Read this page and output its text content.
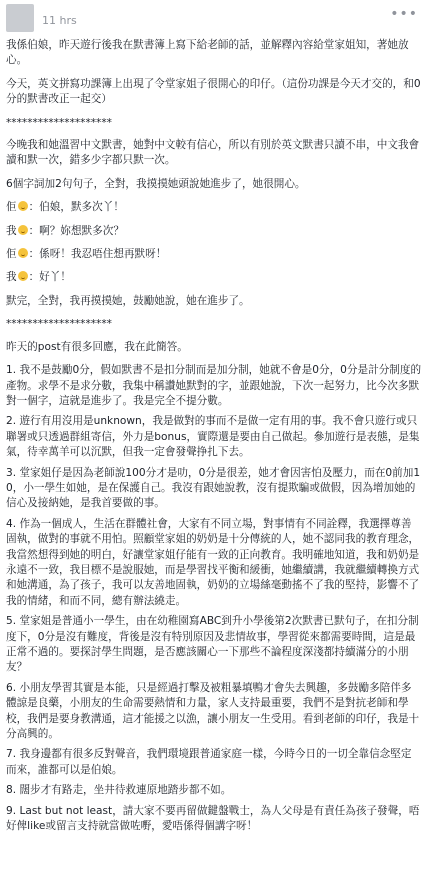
11 hrs	•••

我係伯娘，昨天遊行後我在默書簿上寫下給老師的話，並解釋內容給堂家姐知，著她放心。

今天，英文拼寫功課簿上出現了令堂家姐子很開心的印仔。（這份功課是今天才交的，和0分的默書改正一起交）

********************

今晚我和她溫習中文默書，她對中文較有信心，所以有別於英文默書只讀不串，中文我會讀和默一次，錯多少字都只默一次。

6個字詞加2句句子，全對，我摸摸她頭說她進步了，她很開心。

佢 ：伯娘，默多次丫！

我 ：啊？妳想默多次？

佢 ：係呀！我忍唔住想再默呀！

我 ：好丫！

默完，全對，我再摸摸她，鼓勵她說，她在進步了。

********************

昨天的post有很多回應，我在此簡答。

1. 我不是鼓勵0分，假如默書不是扣分制而是加分制，她就不會是0分，0分是計分制度的產物。求學不是求分數，我集中稱讚她默對的字，並跟她說，下次一起努力，比今次多默對一個字，這就是進步了。我是完全不提分數。

2. 遊行有用沒用是unknown，我是做對的事而不是做一定有用的事。我不會只遊行或只聯署或只透過群組寄信，外力是bonus，實際還是要由自己做起。參加遊行是表態，是集氣，待幸萬羊可以沉默，但我一定會發聲挣扎下去。

3. 堂家姐仔是因為老師說100分才是叻，0分是很差，她才會因害怕及壓力，而在0前加10，小一學生如她，是在保護自己。我沒有跟她說教，沒有提欺騙或做假，因為增加她的信心及接納她，是我首要做的事。

4. 作為一個成人，生活在群體社會，大家有不同立場，對事情有不同詮釋，我選擇尊善固執，做對的事就不用怕。照顧堂家姐的奶奶是十分傳統的人，她不認同我的教育理念，我當然想得到她的明白，好讓堂家姐仔能有一致的正向教育。我明確地知道，我和奶奶是永遠不一致，我目標不是說服她，而是學習找平衡和緩衝，她繼續講，我就繼續轉換方式和她溝通，為了孩子，我可以友善地固執，奶奶的立場絲毫動搖不了我的堅持，影響不了我的情緒，和而不同，總有辦法繞走。

5. 堂家姐是普通小一學生，由在幼稚園寫ABC到升小學後第2次默書已默句子，在扣分制度下，0分是沒有難度，背後是沒有特別原因及悲情故事，學習從來都需要時間，這是最正常不過的。要探討學生問題，是否應該關心一下那些不論程度深淺都持續滿分的小朋友？

6. 小朋友學習其實是本能，只是經過打擊及被粗暴填鴨才會失去興趣，多鼓勵多陪伴多體諒是良藥，小朋友的生命需要熱情和力量，家人支持最重要，我們不是對抗老師和學校，我們是要身教溝通，這才能援之以漁，讓小朋友一生受用。看到老師的印仔，我是十分高興的。

7. 我身邊都有很多反對聲音，我們環境跟普通家庭一樣，今時今日的一切全靠信念堅定而來，誰都可以是伯娘。

8. 闊步才有路走，坐井待救連原地踏步都不如。

9. Last but not least，請大家不要再留做鍵盤戰士，為人父母是有責任為孩子發聲，唔好俾like或留言支持就當做咗嘢，愛唔係得個講字呀！
